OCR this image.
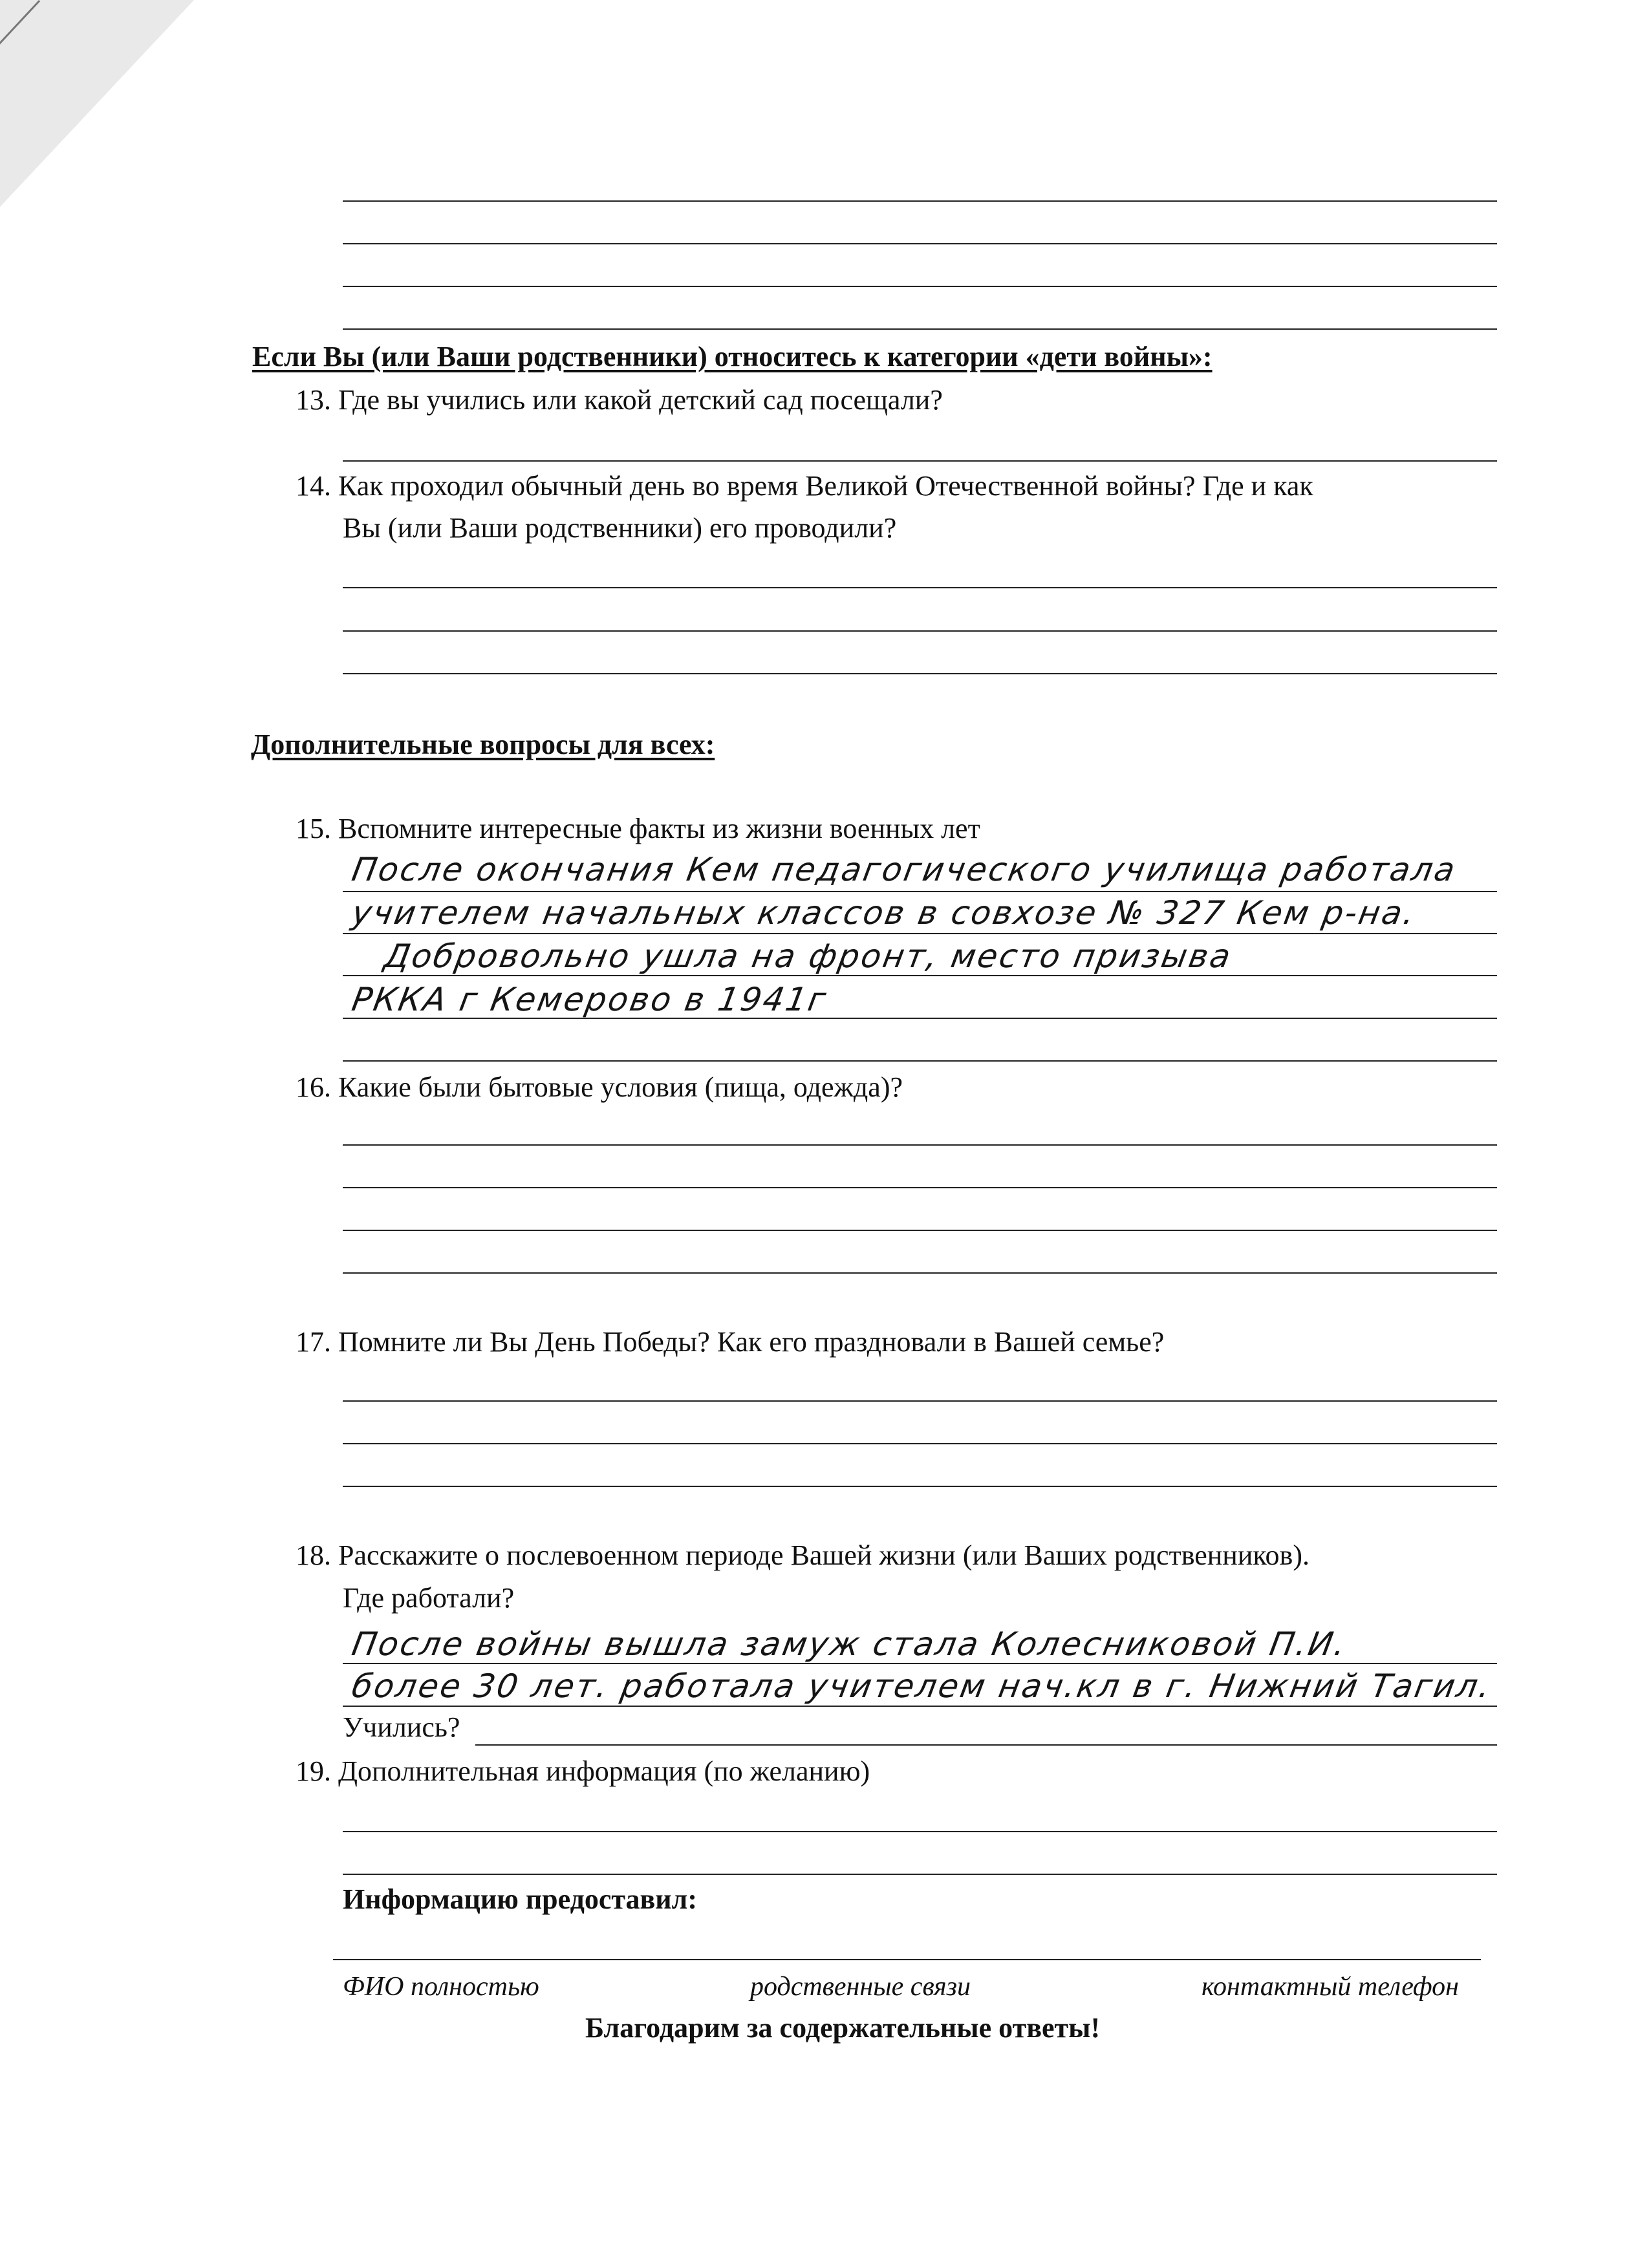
Если Вы (или Ваши родственники) относитесь к категории «дети войны»:
13. Где вы учились или какой детский сад посещали?
14. Как проходил обычный день во время Великой Отечественной войны? Где и как
Вы (или Ваши родственники) его проводили?
Дополнительные вопросы для всех:
15. Вспомните интересные факты из жизни военных лет
После окончания Кем педагогического училища работала
учителем начальных классов в совхозе № 327 Кем р-на.
Добровольно ушла на фронт, место призыва
РККА г Кемерово в 1941г
16. Какие были бытовые условия (пища, одежда)?
17. Помните ли Вы День Победы? Как его праздновали в Вашей семье?
18. Расскажите о послевоенном периоде Вашей жизни (или Ваших родственников).
Где работали?
После войны вышла замуж стала Колесниковой П.И.
более 30 лет. работала учителем нач.кл в г. Нижний Тагил.
Учились?
19. Дополнительная информация (по желанию)
Информацию предоставил:
ФИО полностью	родственные связи	контактный телефон
Благодарим за содержательные ответы!
